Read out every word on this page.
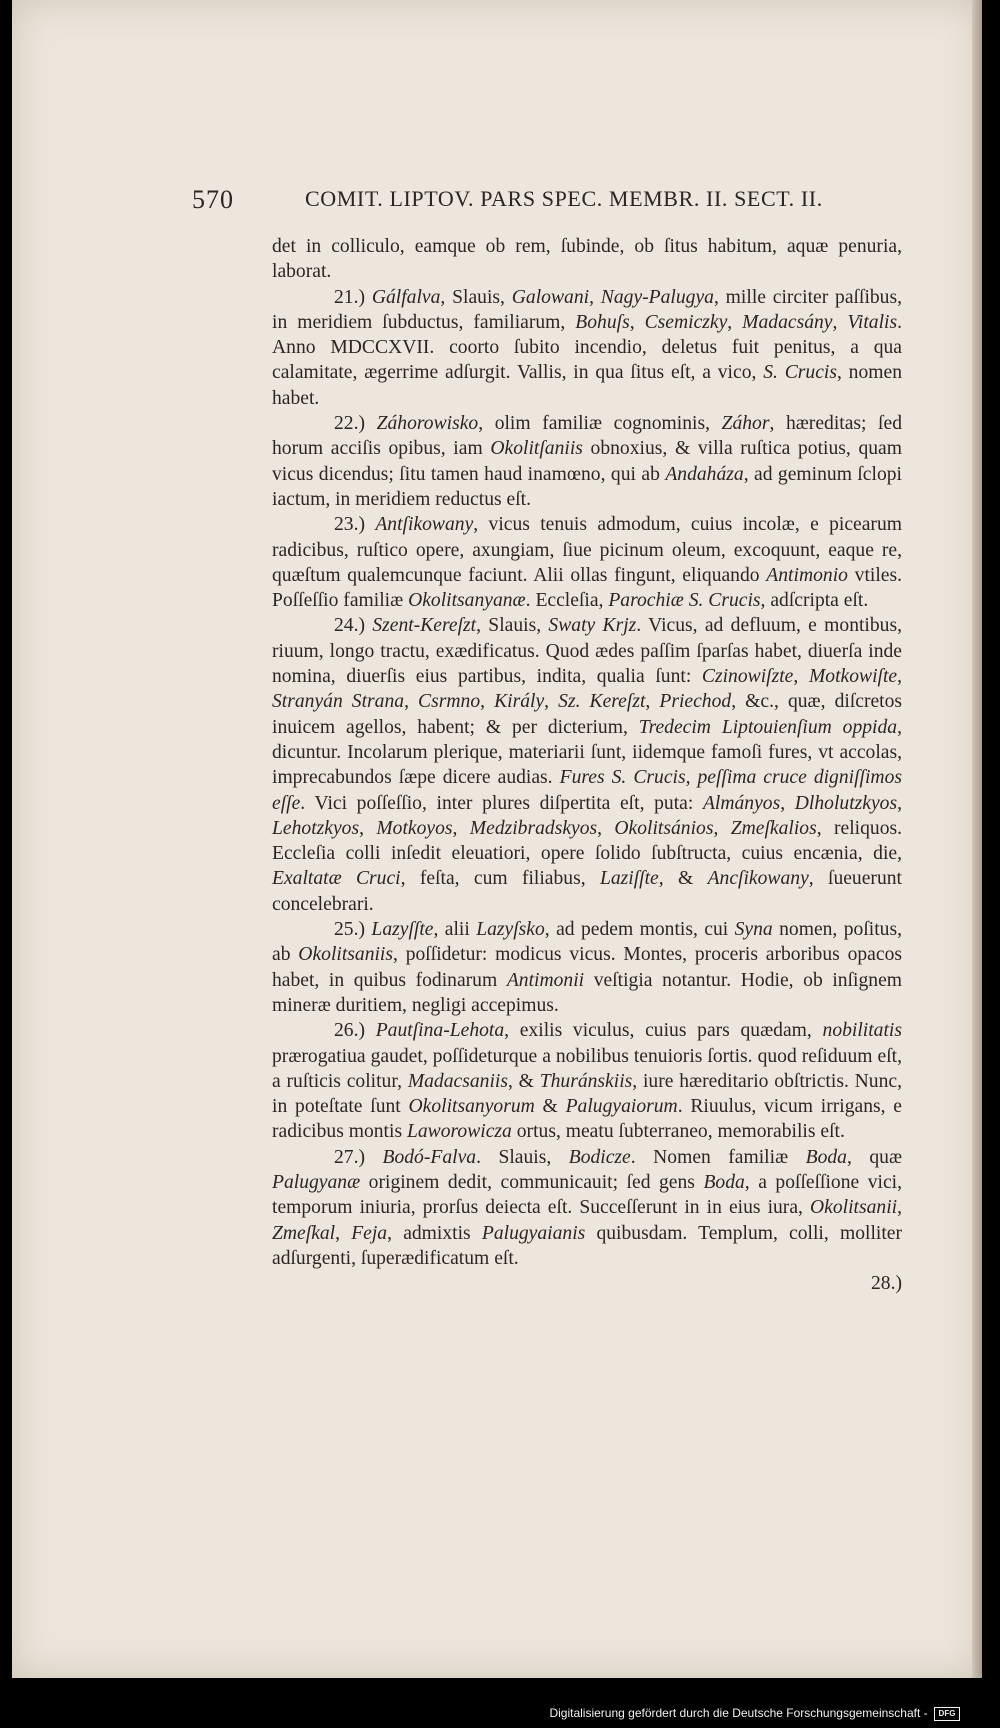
570	COMIT. LIPTOV. PARS SPEC. MEMBR. II. SECT. II.

det in colliculo, eamque ob rem, ſubinde, ob ſitus habitum, aquæ penuria, laborat.

21.) Gálfalva, Slauis, Galowani, Nagy-Palugya, mille circiter paſſibus, in meridiem ſubductus, familiarum, Bohuſs, Csemiczky, Madacsány, Vitalis. Anno MDCCXVII. coorto ſubito incendio, deletus fuit penitus, a qua calamitate, ægerrime adſurgit. Vallis, in qua ſitus eſt, a vico, S. Crucis, nomen habet.

22.) Záhorowisko, olim familiæ cognominis, Záhor, hæreditas; ſed horum acciſis opibus, iam Okolitſaniis obnoxius, & villa ruſtica potius, quam vicus dicendus; ſitu tamen haud inamœno, qui ab Andaháza, ad geminum ſclopi iactum, in meridiem reductus eſt.

23.) Antſikowany, vicus tenuis admodum, cuius incolæ, e picearum radicibus, ruſtico opere, axungiam, ſiue picinum oleum, excoquunt, eaque re, quæſtum qualemcunque faciunt. Alii ollas fingunt, eliquando Antimonio vtiles. Poſſeſſio familiæ Okolitsanyanæ. Eccleſia, Parochiæ S. Crucis, adſcripta eſt.

24.) Szent-Kereſzt, Slauis, Swaty Krjz. Vicus, ad defluum, e montibus, riuum, longo tractu, exædificatus. Quod ædes paſſim ſparſas habet, diuerſa inde nomina, diuerſis eius partibus, indita, qualia ſunt: Czinowiſzte, Motkowiſte, Stranyán Strana, Csrmno, Király, Sz. Kereſzt, Priechod, &c., quæ, diſcretos inuicem agellos, habent; & per dicterium, Tredecim Liptouienſium oppida, dicuntur. Incolarum plerique, materiarii ſunt, iidemque famoſi fures, vt accolas, imprecabundos ſæpe dicere audias. Fures S. Crucis, peſſima cruce digniſſimos eſſe. Vici poſſeſſio, inter plures diſpertita eſt, puta: Almányos, Dlholutzkyos, Lehotzkyos, Motkoyos, Medzibradskyos, Okolitsánios, Zmeſkalios, reliquos. Eccleſia colli inſedit eleuatiori, opere ſolido ſubſtructa, cuius encænia, die, Exaltatæ Cruci, feſta, cum filiabus, Laziſſte, & Ancſikowany, ſueuerunt concelebrari.

25.) Lazyſſte, alii Lazyſsko, ad pedem montis, cui Syna nomen, poſitus, ab Okolitsaniis, poſſidetur: modicus vicus. Montes, proceris arboribus opacos habet, in quibus fodinarum Antimonii veſtigia notantur. Hodie, ob inſignem mineræ duritiem, negligi accepimus.

26.) Pautſina-Lehota, exilis viculus, cuius pars quædam, nobilitatis prærogatiua gaudet, poſſideturque a nobilibus tenuioris ſortis. quod reſiduum eſt, a ruſticis colitur, Madacsaniis, & Thuránskiis, iure hæreditario obſtrictis. Nunc, in poteſtate ſunt Okolitsanyorum & Palugyaiorum. Riuulus, vicum irrigans, e radicibus montis Laworowicza ortus, meatu ſubterraneo, memorabilis eſt.

27.) Bodó-Falva. Slauis, Bodicze. Nomen familiæ Boda, quæ Palugyanæ originem dedit, communicauit; ſed gens Boda, a poſſeſſione vici, temporum iniuria, prorſus deiecta eſt. Succeſſerunt in in eius iura, Okolitsanii, Zmeſkal, Feja, admixtis Palugyaianis quibusdam. Templum, colli, molliter adſurgenti, ſuperædificatum eſt.

28.)

Digitalisierung gefördert durch die Deutsche Forschungsgemeinschaft - DFG
